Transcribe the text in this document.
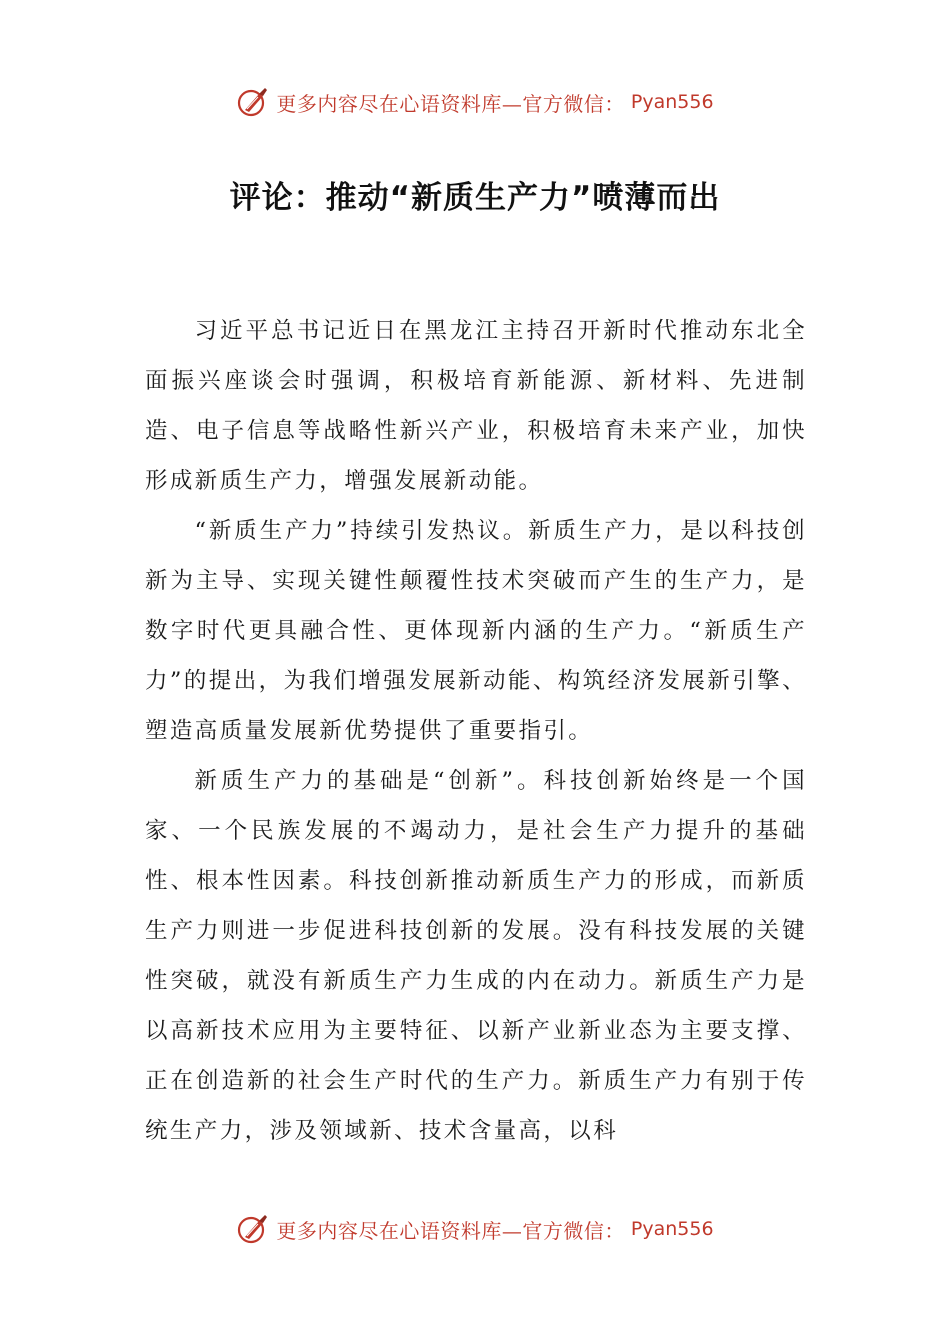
更多内容尽在心语资料库—官方微信： Pyan556
评论：推动“新质生产力”喷薄而出

习近平总书记近日在黑龙江主持召开新时代推动东北全面振兴座谈会时强调，积极培育新能源、新材料、先进制造、电子信息等战略性新兴产业，积极培育未来产业，加快形成新质生产力，增强发展新动能。

“新质生产力”持续引发热议。新质生产力，是以科技创新为主导、实现关键性颠覆性技术突破而产生的生产力，是数字时代更具融合性、更体现新内涵的生产力。“新质生产力”的提出，为我们增强发展新动能、构筑经济发展新引擎、塑造高质量发展新优势提供了重要指引。

新质生产力的基础是“创新”。科技创新始终是一个国家、一个民族发展的不竭动力，是社会生产力提升的基础性、根本性因素。科技创新推动新质生产力的形成，而新质生产力则进一步促进科技创新的发展。没有科技发展的关键性突破，就没有新质生产力生成的内在动力。新质生产力是以高新技术应用为主要特征、以新产业新业态为主要支撑、正在创造新的社会生产时代的生产力。新质生产力有别于传统生产力，涉及领域新、技术含量高，以科

更多内容尽在心语资料库—官方微信： Pyan556
